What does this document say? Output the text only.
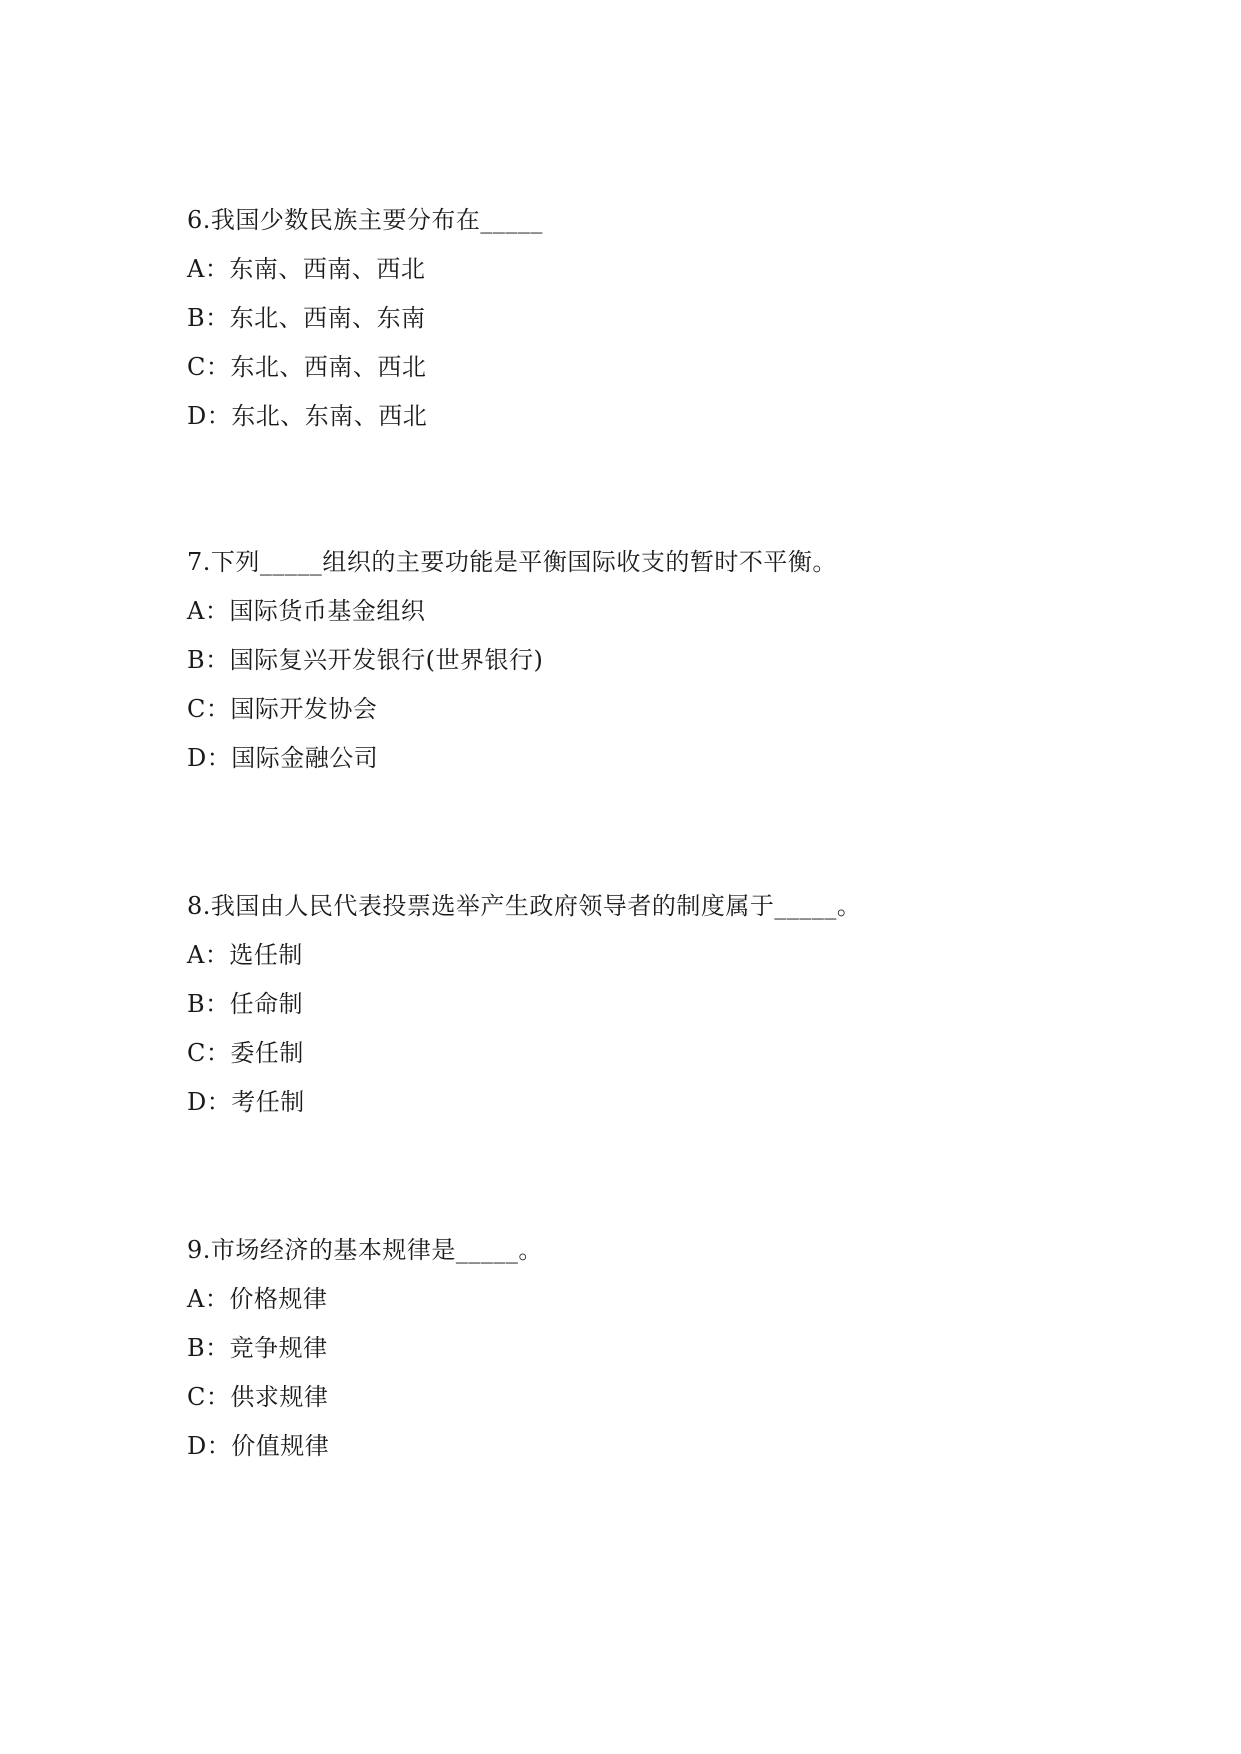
6.我国少数民族主要分布在_____
A：东南、西南、西北
B：东北、西南、东南
C：东北、西南、西北
D：东北、东南、西北
7.下列_____组织的主要功能是平衡国际收支的暂时不平衡。
A：国际货币基金组织
B：国际复兴开发银行(世界银行)
C：国际开发协会
D：国际金融公司
8.我国由人民代表投票选举产生政府领导者的制度属于_____。
A：选任制
B：任命制
C：委任制
D：考任制
9.市场经济的基本规律是_____。
A：价格规律
B：竞争规律
C：供求规律
D：价值规律
